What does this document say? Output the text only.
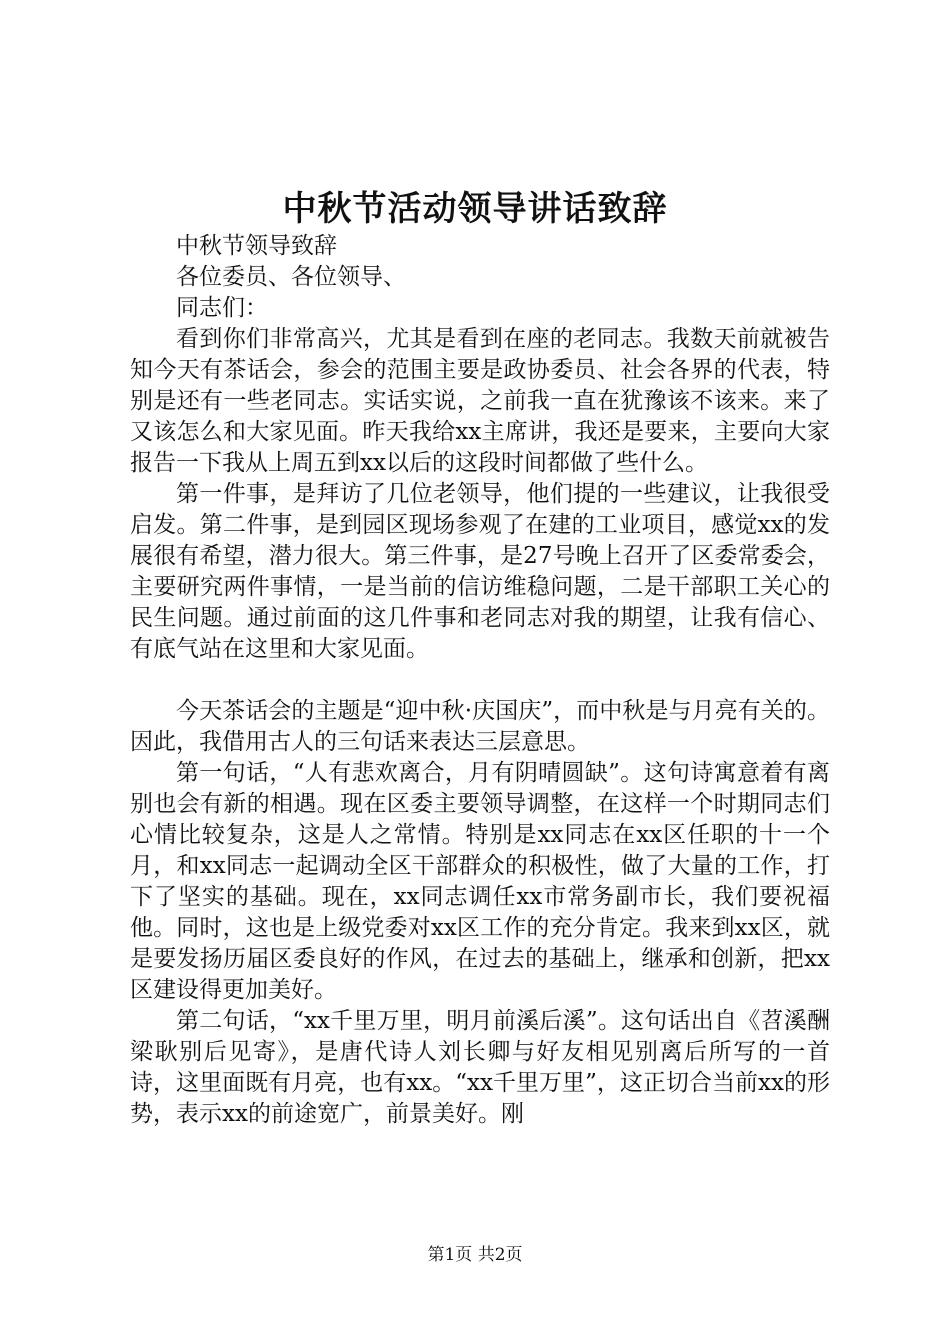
中秋节活动领导讲话致辞

中秋节领导致辞

各位委员、各位领导、

同志们：

看到你们非常高兴，尤其是看到在座的老同志。我数天前就被告知今天有茶话会，参会的范围主要是政协委员、社会各界的代表，特别是还有一些老同志。实话实说，之前我一直在犹豫该不该来。来了又该怎么和大家见面。昨天我给xx主席讲，我还是要来，主要向大家报告一下我从上周五到xx以后的这段时间都做了些什么。

第一件事，是拜访了几位老领导，他们提的一些建议，让我很受启发。第二件事，是到园区现场参观了在建的工业项目，感觉xx的发展很有希望，潜力很大。第三件事，是27号晚上召开了区委常委会，主要研究两件事情，一是当前的信访维稳问题，二是干部职工关心的民生问题。通过前面的这几件事和老同志对我的期望，让我有信心、有底气站在这里和大家见面。

今天茶话会的主题是“迎中秋·庆国庆”，而中秋是与月亮有关的。因此，我借用古人的三句话来表达三层意思。

第一句话，“人有悲欢离合，月有阴晴圆缺”。这句诗寓意着有离别也会有新的相遇。现在区委主要领导调整，在这样一个时期同志们心情比较复杂，这是人之常情。特别是xx同志在xx区任职的十一个月，和xx同志一起调动全区干部群众的积极性，做了大量的工作，打下了坚实的基础。现在，xx同志调任xx市常务副市长，我们要祝福他。同时，这也是上级党委对xx区工作的充分肯定。我来到xx区，就是要发扬历届区委良好的作风，在过去的基础上，继承和创新，把xx区建设得更加美好。

第二句话，“xx千里万里，明月前溪后溪”。这句话出自《苕溪酬梁耿别后见寄》，是唐代诗人刘长卿与好友相见别离后所写的一首诗，这里面既有月亮，也有xx。“xx千里万里”，这正切合当前xx的形势，表示xx的前途宽广，前景美好。刚

第1页 共2页
